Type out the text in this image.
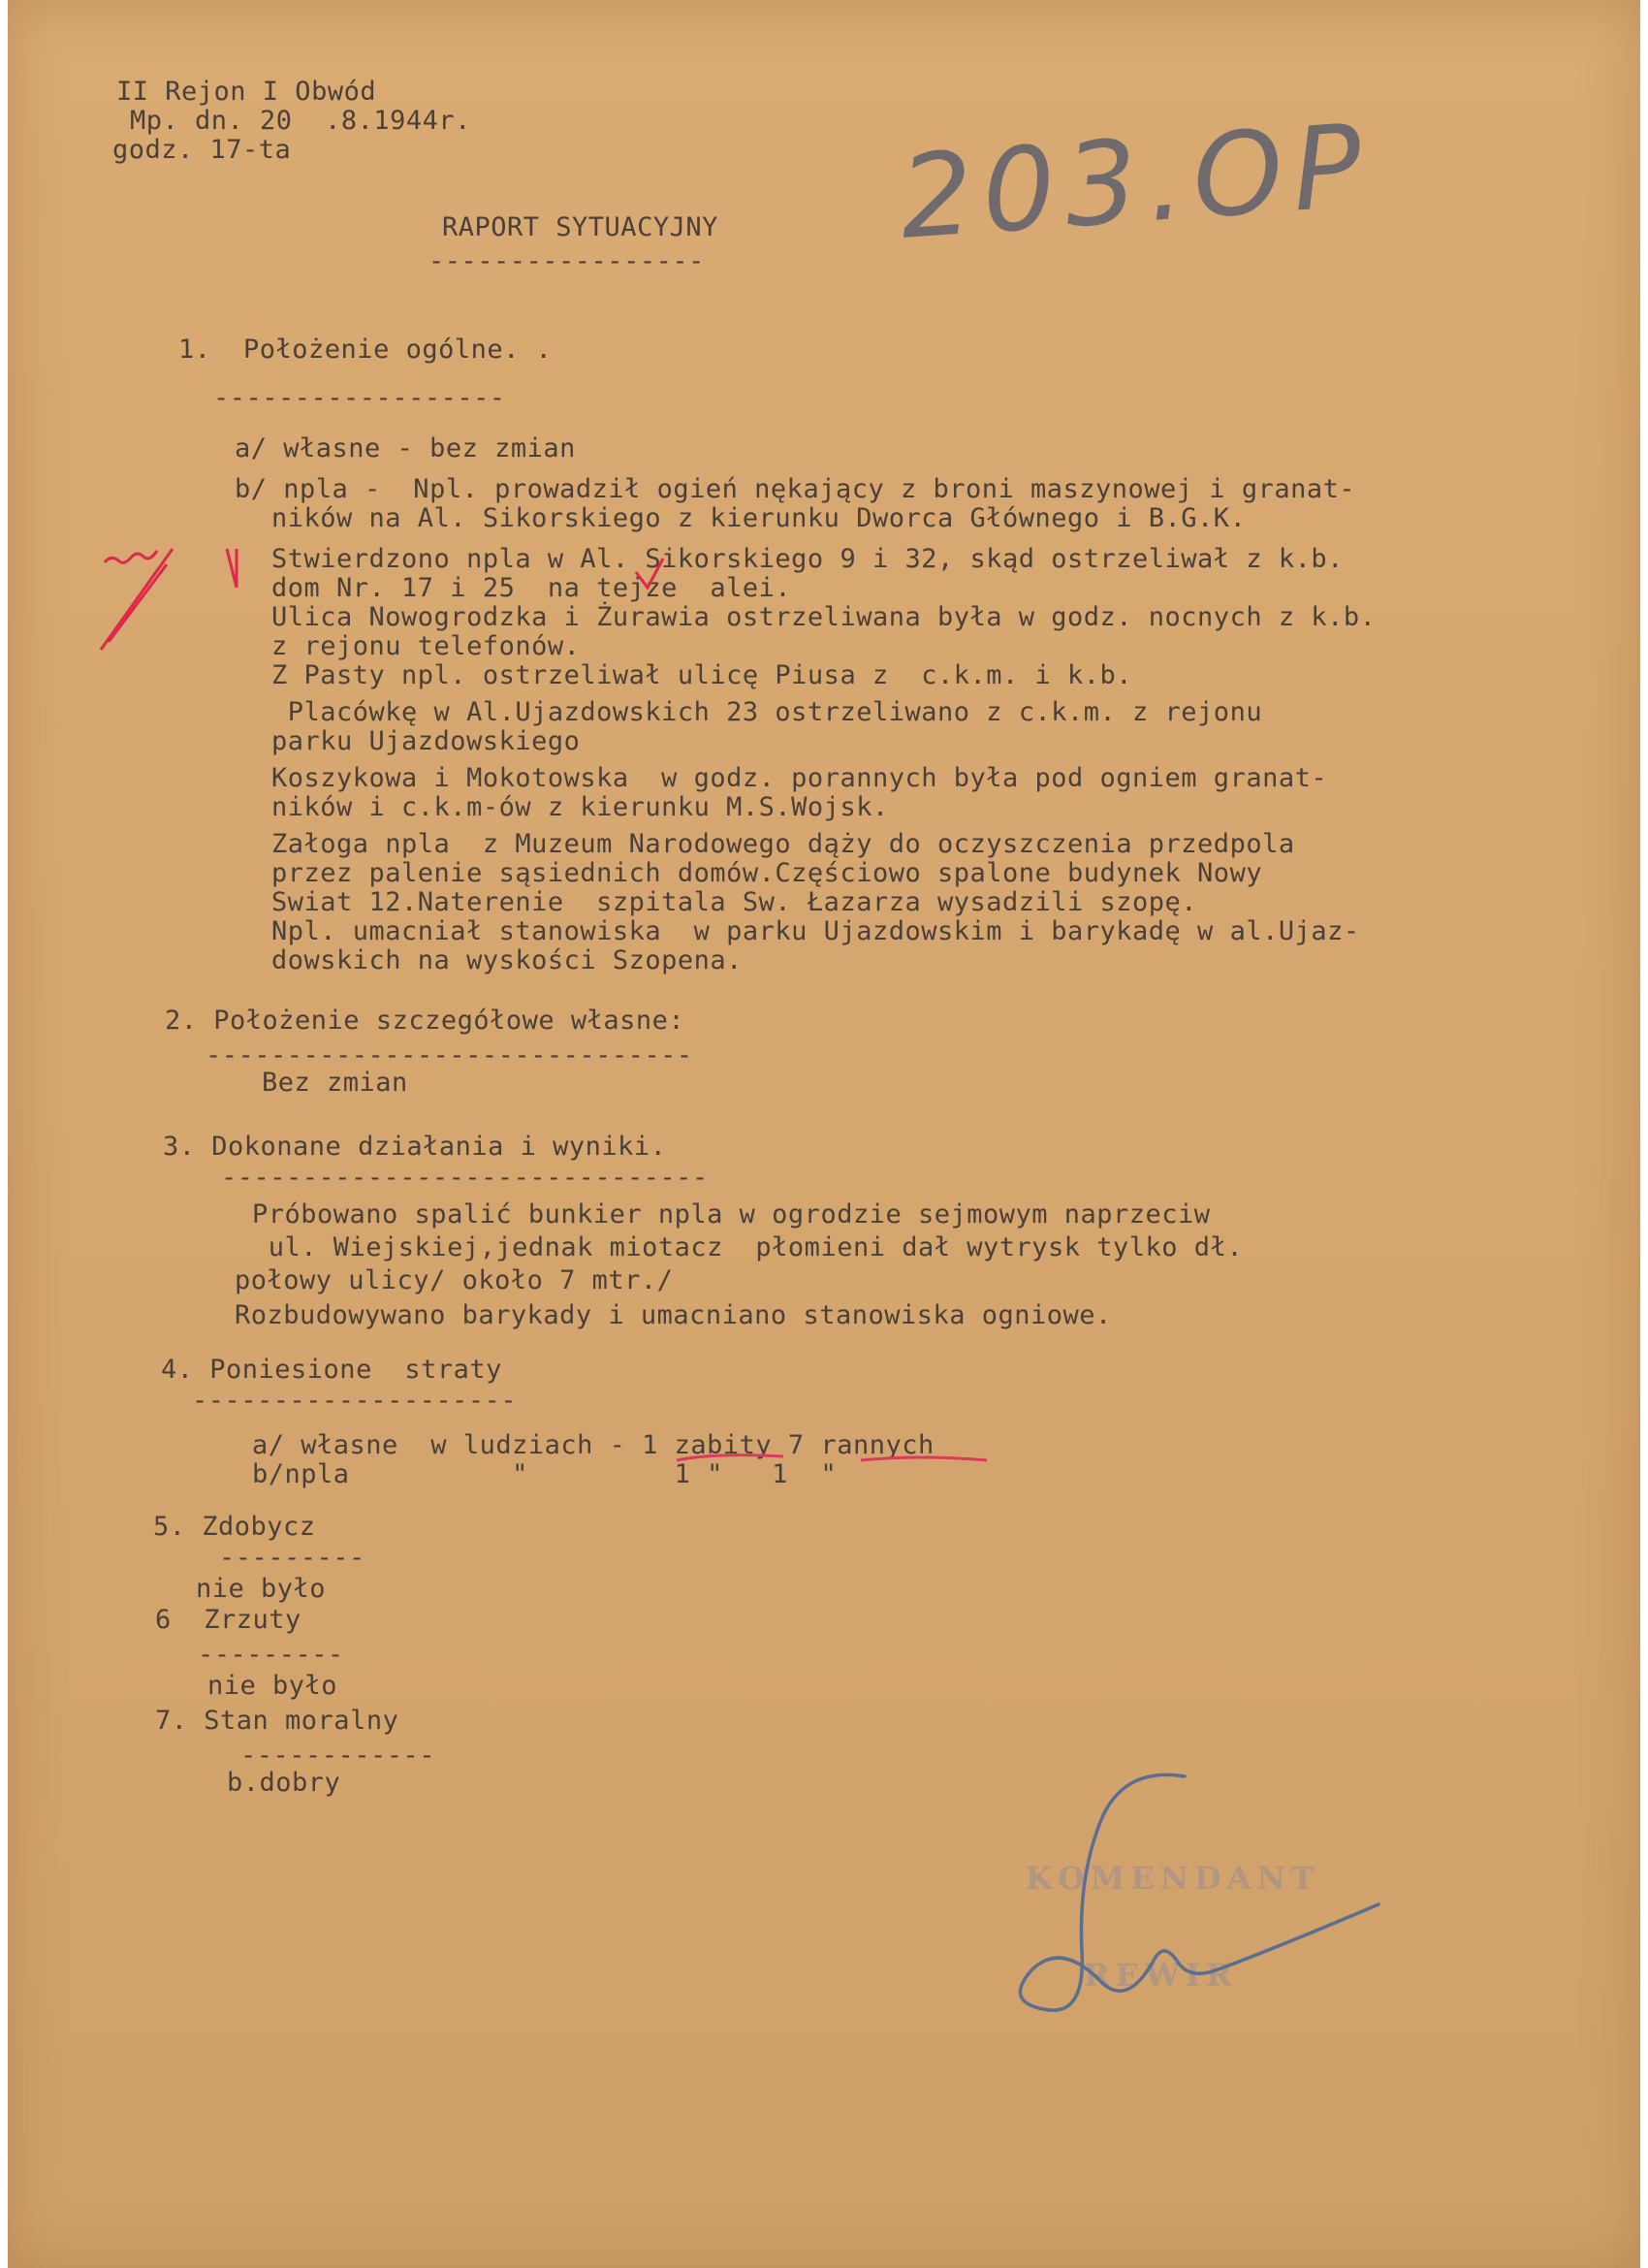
II Rejon I Obwód
Mp. dn. 20  .8.1944r.
godz. 17-ta	203.OP
RAPORT SYTUACYJNY
-----------------
1.  Położenie ogólne. .
------------------
a/ własne - bez zmian
b/ npla -  Npl. prowadził ogień nękający z broni maszynowej i granat-
ników na Al. Sikorskiego z kierunku Dworca Głównego i B.G.K.
Stwierdzono npla w Al. Sikorskiego 9 i 32, skąd ostrzeliwał z k.b.
dom Nr. 17 i 25  na tejże  alei.
Ulica Nowogrodzka i Żurawia ostrzeliwana była w godz. nocnych z k.b.
z rejonu telefonów.
Z Pasty npl. ostrzeliwał ulicę Piusa z  c.k.m. i k.b.
Placówkę w Al.Ujazdowskich 23 ostrzeliwano z c.k.m. z rejonu
parku Ujazdowskiego
Koszykowa i Mokotowska  w godz. porannych była pod ogniem granat-
ników i c.k.m-ów z kierunku M.S.Wojsk.
Załoga npla  z Muzeum Narodowego dąży do oczyszczenia przedpola
przez palenie sąsiednich domów.Częściowo spalone budynek Nowy
Swiat 12.Naterenie  szpitala Sw. Łazarza wysadzili szopę.
Npl. umacniał stanowiska  w parku Ujazdowskim i barykadę w al.Ujaz-
dowskich na wyskości Szopena.
2. Położenie szczegółowe własne:
------------------------------
Bez zmian
3. Dokonane działania i wyniki.
------------------------------
Próbowano spalić bunkier npla w ogrodzie sejmowym naprzeciw
ul. Wiejskiej,jednak miotacz  płomieni dał wytrysk tylko dł.
połowy ulicy/ około 7 mtr./
Rozbudowywano barykady i umacniano stanowiska ogniowe.
4. Poniesione  straty
--------------------
a/ własne  w ludziach - 1 zabity 7 rannych
b/npla          "         1 "   1  "
5. Zdobycz
---------
nie było
6  Zrzuty
---------
nie było
7. Stan moralny
------------
b.dobry
KOMENDANT
REWIR
